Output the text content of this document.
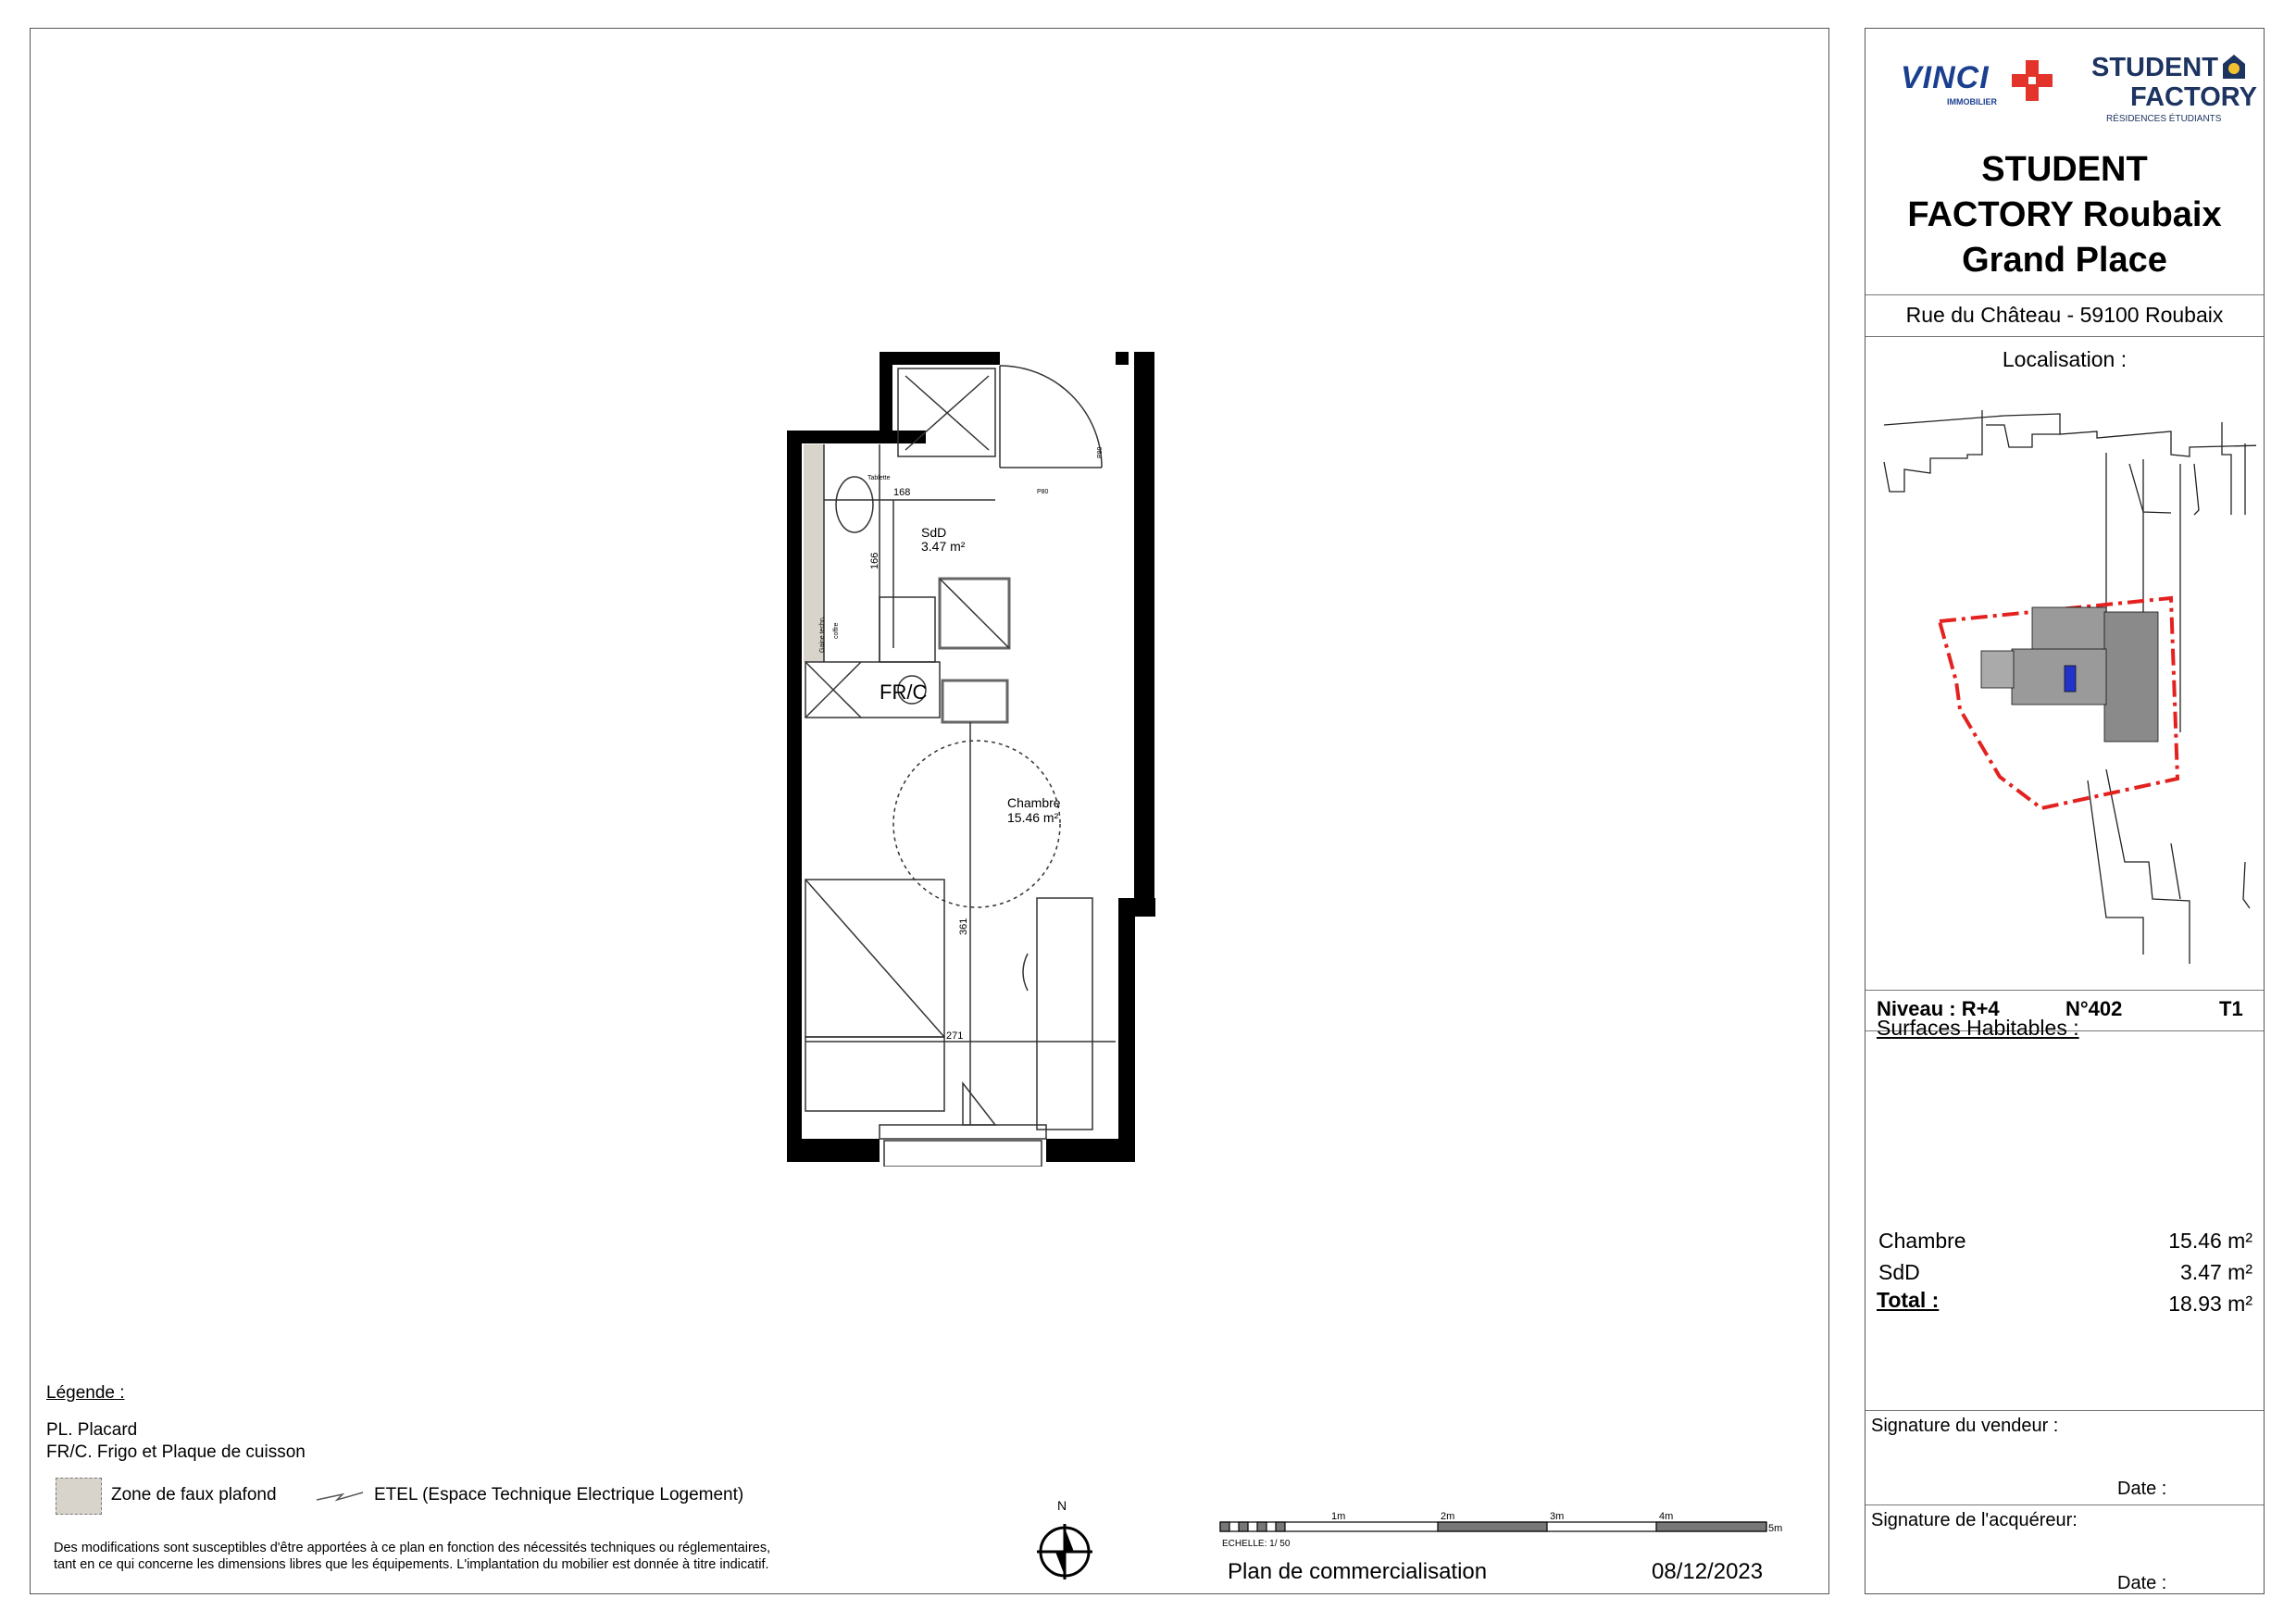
SdD
3.47 m²
FR/C
Chambre
15.46 m²
168
166
361
271
Tablette
P80
P80
Gaine techn. coffre
Légende :
PL. Placard
FR/C. Frigo et Plaque de cuisson
Zone de faux plafond	ETEL (Espace Technique Electrique Logement)
Des modifications sont susceptibles d'être apportées à ce plan en fonction des nécessités techniques ou réglementaires,
tant en ce qui concerne les dimensions libres que les équipements. L'implantation du mobilier est donnée à titre indicatif.
N
1m	2m	3m	4m
5m
ECHELLE: 1/ 50
Plan de commercialisation	08/12/2023
VINCI
IMMOBILIER
STUDENT
FACTORY
RÉSIDENCES ÉTUDIANTS
STUDENT
FACTORY Roubaix
Grand Place
Rue du Château - 59100 Roubaix
Localisation :
Niveau : R+4	N°402	T1
Surfaces Habitables :
Chambre	15.46 m²
SdD	3.47 m²
Total :	18.93 m²
Signature du vendeur :
Date :
Signature de l'acquéreur:
Date :
